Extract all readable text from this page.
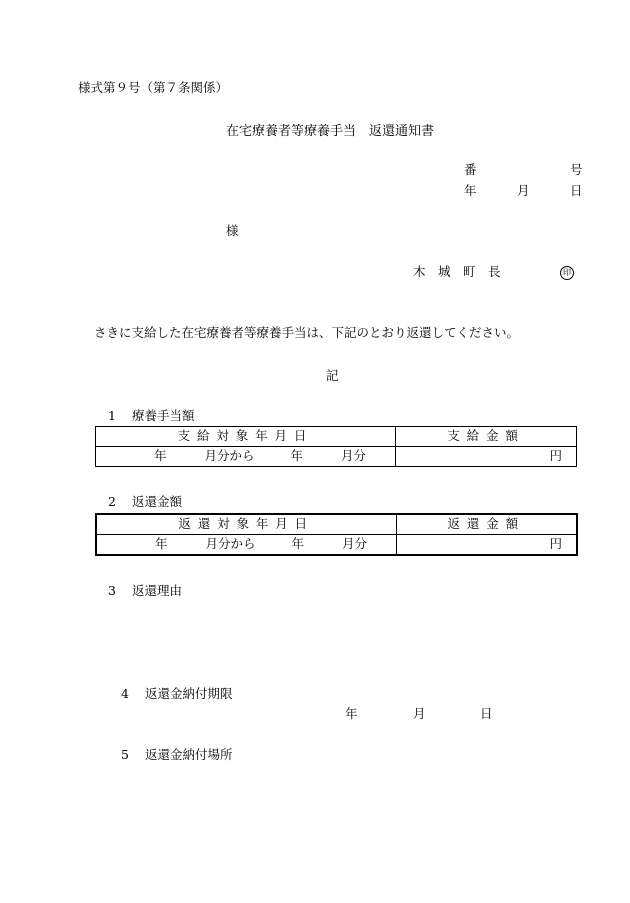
様式第９号（第７条関係）
在宅療養者等療養手当　返還通知書
番	号
年	月	日
様
木　城　町　長	印
さきに支給した在宅療養者等療養手当は、下記のとおり返還してください。
記
1 療養手当額
支給対象年月日	支給金額
年 月分から 年 月分	円
2 返還金額
返還対象年月日	返還金額
年 月分から 年 月分	円
3 返還理由
4 返還金納付期限
年	月	日
5 返還金納付場所
